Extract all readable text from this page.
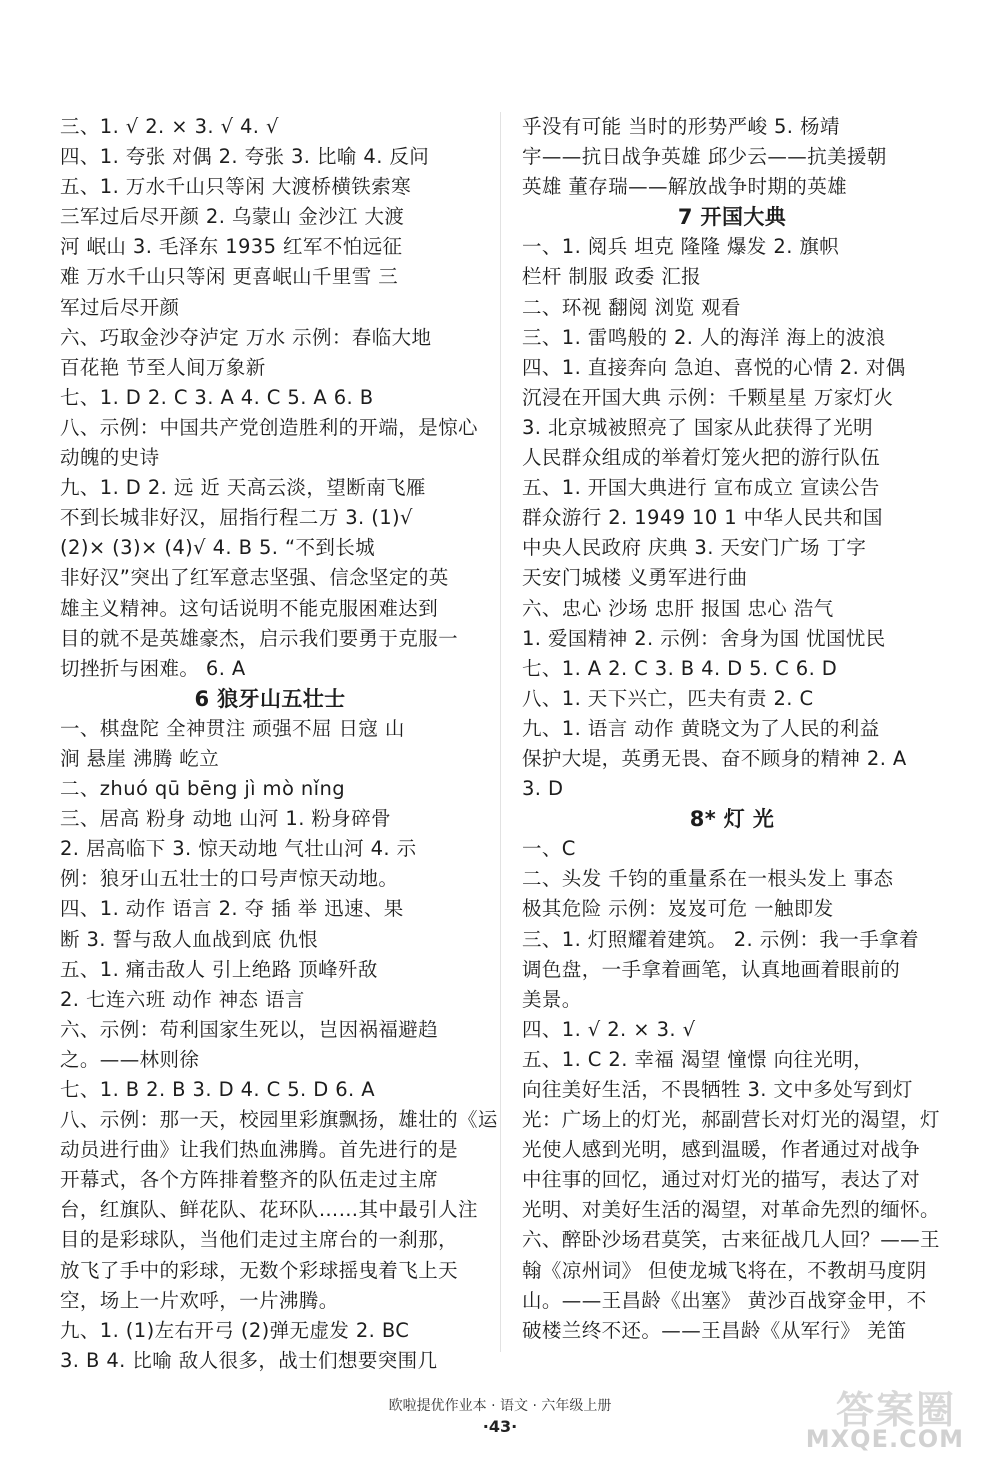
三、1. √ 2. × 3. √ 4. √
四、1. 夸张 对偶 2. 夸张 3. 比喻 4. 反问
五、1. 万水千山只等闲 大渡桥横铁索寒
三军过后尽开颜 2. 乌蒙山 金沙江 大渡
河 岷山 3. 毛泽东 1935 红军不怕远征
难 万水千山只等闲 更喜岷山千里雪 三
军过后尽开颜
六、巧取金沙夺泸定 万水 示例：春临大地
百花艳 节至人间万象新
七、1. D 2. C 3. A 4. C 5. A 6. B
八、示例：中国共产党创造胜利的开端，是惊心
动魄的史诗
九、1. D 2. 远 近 天高云淡，望断南飞雁
不到长城非好汉，屈指行程二万 3. (1)√
(2)× (3)× (4)√ 4. B 5. “不到长城
非好汉”突出了红军意志坚强、信念坚定的英
雄主义精神。这句话说明不能克服困难达到
目的就不是英雄豪杰，启示我们要勇于克服一
切挫折与困难。 6. A
6 狼牙山五壮士
一、棋盘陀 全神贯注 顽强不屈 日寇 山
涧 悬崖 沸腾 屹立
二、zhuó qū bēng jì mò nǐng
三、居高 粉身 动地 山河 1. 粉身碎骨
2. 居高临下 3. 惊天动地 气壮山河 4. 示
例：狼牙山五壮士的口号声惊天动地。
四、1. 动作 语言 2. 夺 插 举 迅速、果
断 3. 誓与敌人血战到底 仇恨
五、1. 痛击敌人 引上绝路 顶峰歼敌
2. 七连六班 动作 神态 语言
六、示例：苟利国家生死以，岂因祸福避趋
之。——林则徐
七、1. B 2. B 3. D 4. C 5. D 6. A
八、示例：那一天，校园里彩旗飘扬，雄壮的《运
动员进行曲》让我们热血沸腾。首先进行的是
开幕式，各个方阵排着整齐的队伍走过主席
台，红旗队、鲜花队、花环队……其中最引人注
目的是彩球队，当他们走过主席台的一刹那，
放飞了手中的彩球，无数个彩球摇曳着飞上天
空，场上一片欢呼，一片沸腾。
九、1. (1)左右开弓 (2)弹无虚发 2. BC
3. B 4. 比喻 敌人很多，战士们想要突围几
乎没有可能 当时的形势严峻 5. 杨靖
宇——抗日战争英雄 邱少云——抗美援朝
英雄 董存瑞——解放战争时期的英雄
7 开国大典
一、1. 阅兵 坦克 隆隆 爆发 2. 旗帜
栏杆 制服 政委 汇报
二、环视 翻阅 浏览 观看
三、1. 雷鸣般的 2. 人的海洋 海上的波浪
四、1. 直接奔向 急迫、喜悦的心情 2. 对偶
沉浸在开国大典 示例：千颗星星 万家灯火
3. 北京城被照亮了 国家从此获得了光明
人民群众组成的举着灯笼火把的游行队伍
五、1. 开国大典进行 宣布成立 宣读公告
群众游行 2. 1949 10 1 中华人民共和国
中央人民政府 庆典 3. 天安门广场 丁字
天安门城楼 义勇军进行曲
六、忠心 沙场 忠肝 报国 忠心 浩气
1. 爱国精神 2. 示例：舍身为国 忧国忧民
七、1. A 2. C 3. B 4. D 5. C 6. D
八、1. 天下兴亡，匹夫有责 2. C
九、1. 语言 动作 黄晓文为了人民的利益
保护大堤，英勇无畏、奋不顾身的精神 2. A
3. D
8* 灯 光
一、C
二、头发 千钧的重量系在一根头发上 事态
极其危险 示例：岌岌可危 一触即发
三、1. 灯照耀着建筑。 2. 示例：我一手拿着
调色盘，一手拿着画笔，认真地画着眼前的
美景。
四、1. √ 2. × 3. √
五、1. C 2. 幸福 渴望 憧憬 向往光明，
向往美好生活，不畏牺牲 3. 文中多处写到灯
光：广场上的灯光，郝副营长对灯光的渴望，灯
光使人感到光明，感到温暖，作者通过对战争
中往事的回忆，通过对灯光的描写，表达了对
光明、对美好生活的渴望，对革命先烈的缅怀。
六、醉卧沙场君莫笑，古来征战几人回？——王
翰《凉州词》 但使龙城飞将在，不教胡马度阴
山。——王昌龄《出塞》 黄沙百战穿金甲，不
破楼兰终不还。——王昌龄《从军行》 羌笛
欧啦提优作业本 · 语文 · 六年级上册
·43·	答案圈
MXQE.COM
